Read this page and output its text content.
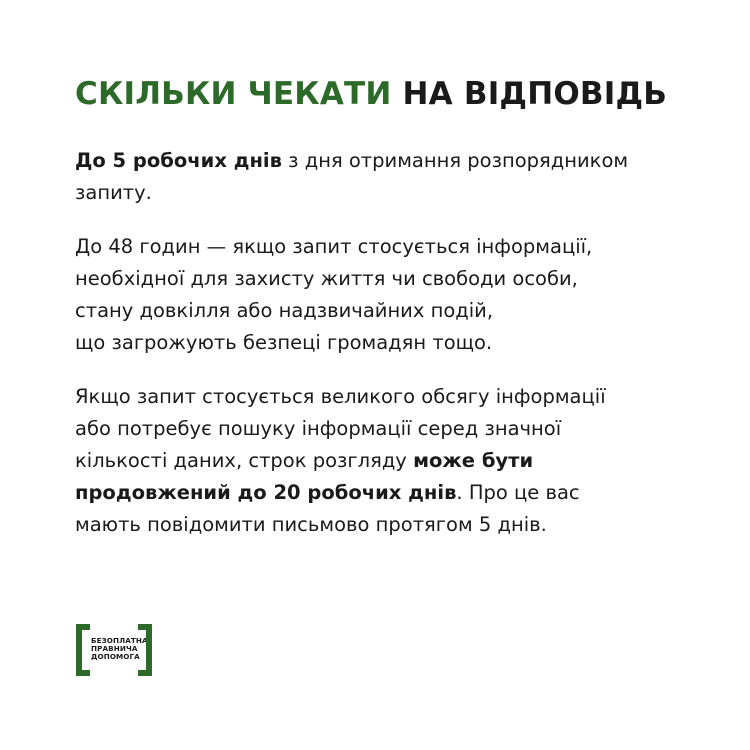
СКІЛЬКИ ЧЕКАТИ НА ВІДПОВІДЬ

До 5 робочих днів з дня отримання розпорядником
запиту.

До 48 годин — якщо запит стосується інформації,
необхідної для захисту життя чи свободи особи,
стану довкілля або надзвичайних подій,
що загрожують безпеці громадян тощо.

Якщо запит стосується великого обсягу інформації
або потребує пошуку інформації серед значної
кількості даних, строк розгляду може бути
продовжений до 20 робочих днів. Про це вас
мають повідомити письмово протягом 5 днів.

БЕЗОПЛАТНА
ПРАВНИЧА
ДОПОМОГА
